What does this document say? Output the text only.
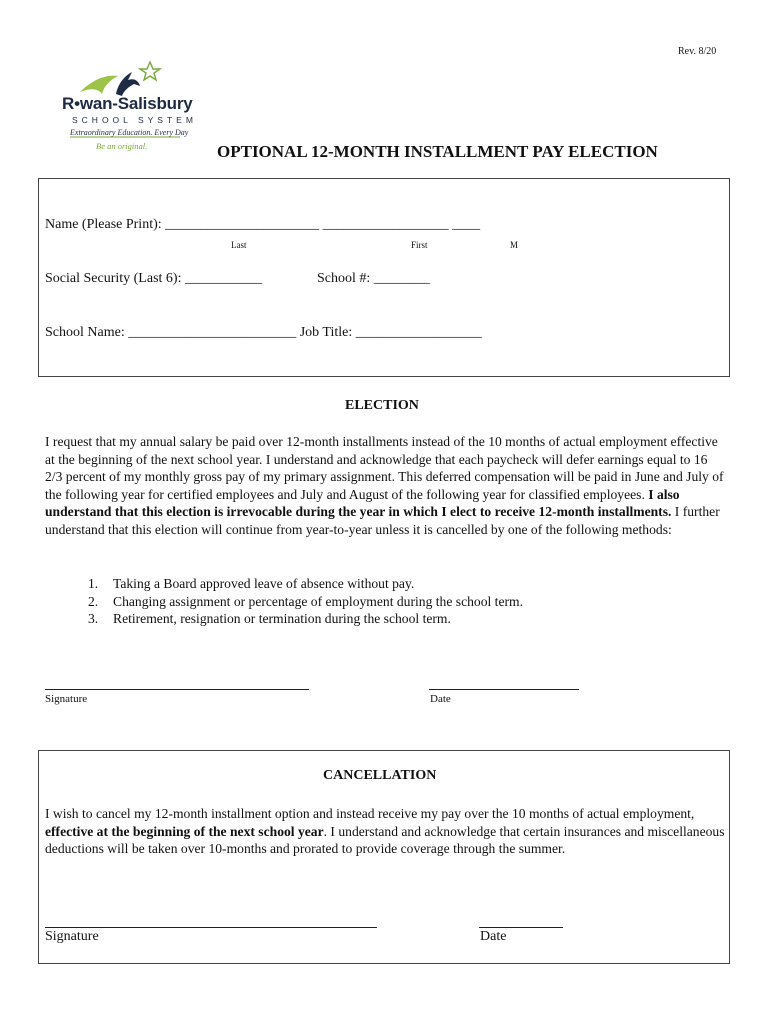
Rev. 8/20
R•wan-Salisbury
SCHOOL SYSTEM
Extraordinary Education. Every Day
Be an original.	OPTIONAL 12-MONTH INSTALLMENT PAY ELECTION
Name (Please Print): ______________________ __________________ ____
Last	First	M
Social Security (Last 6): ___________	School #: ________
School Name: ________________________ Job Title: __________________
ELECTION
I request that my annual salary be paid over 12-month installments instead of the 10 months of actual employment effective at the beginning of the next school year. I understand and acknowledge that each paycheck will defer earnings equal to 16 2/3 percent of my monthly gross pay of my primary assignment. This deferred compensation will be paid in June and July of the following year for certified employees and July and August of the following year for classified employees. I also understand that this election is irrevocable during the year in which I elect to receive 12-month installments. I further understand that this election will continue from year-to-year unless it is cancelled by one of the following methods:
1. Taking a Board approved leave of absence without pay.
2. Changing assignment or percentage of employment during the school term.
3. Retirement, resignation or termination during the school term.
Signature	Date
CANCELLATION
I wish to cancel my 12-month installment option and instead receive my pay over the 10 months of actual employment, effective at the beginning of the next school year. I understand and acknowledge that certain insurances and miscellaneous deductions will be taken over 10-months and prorated to provide coverage through the summer.
Signature	Date
